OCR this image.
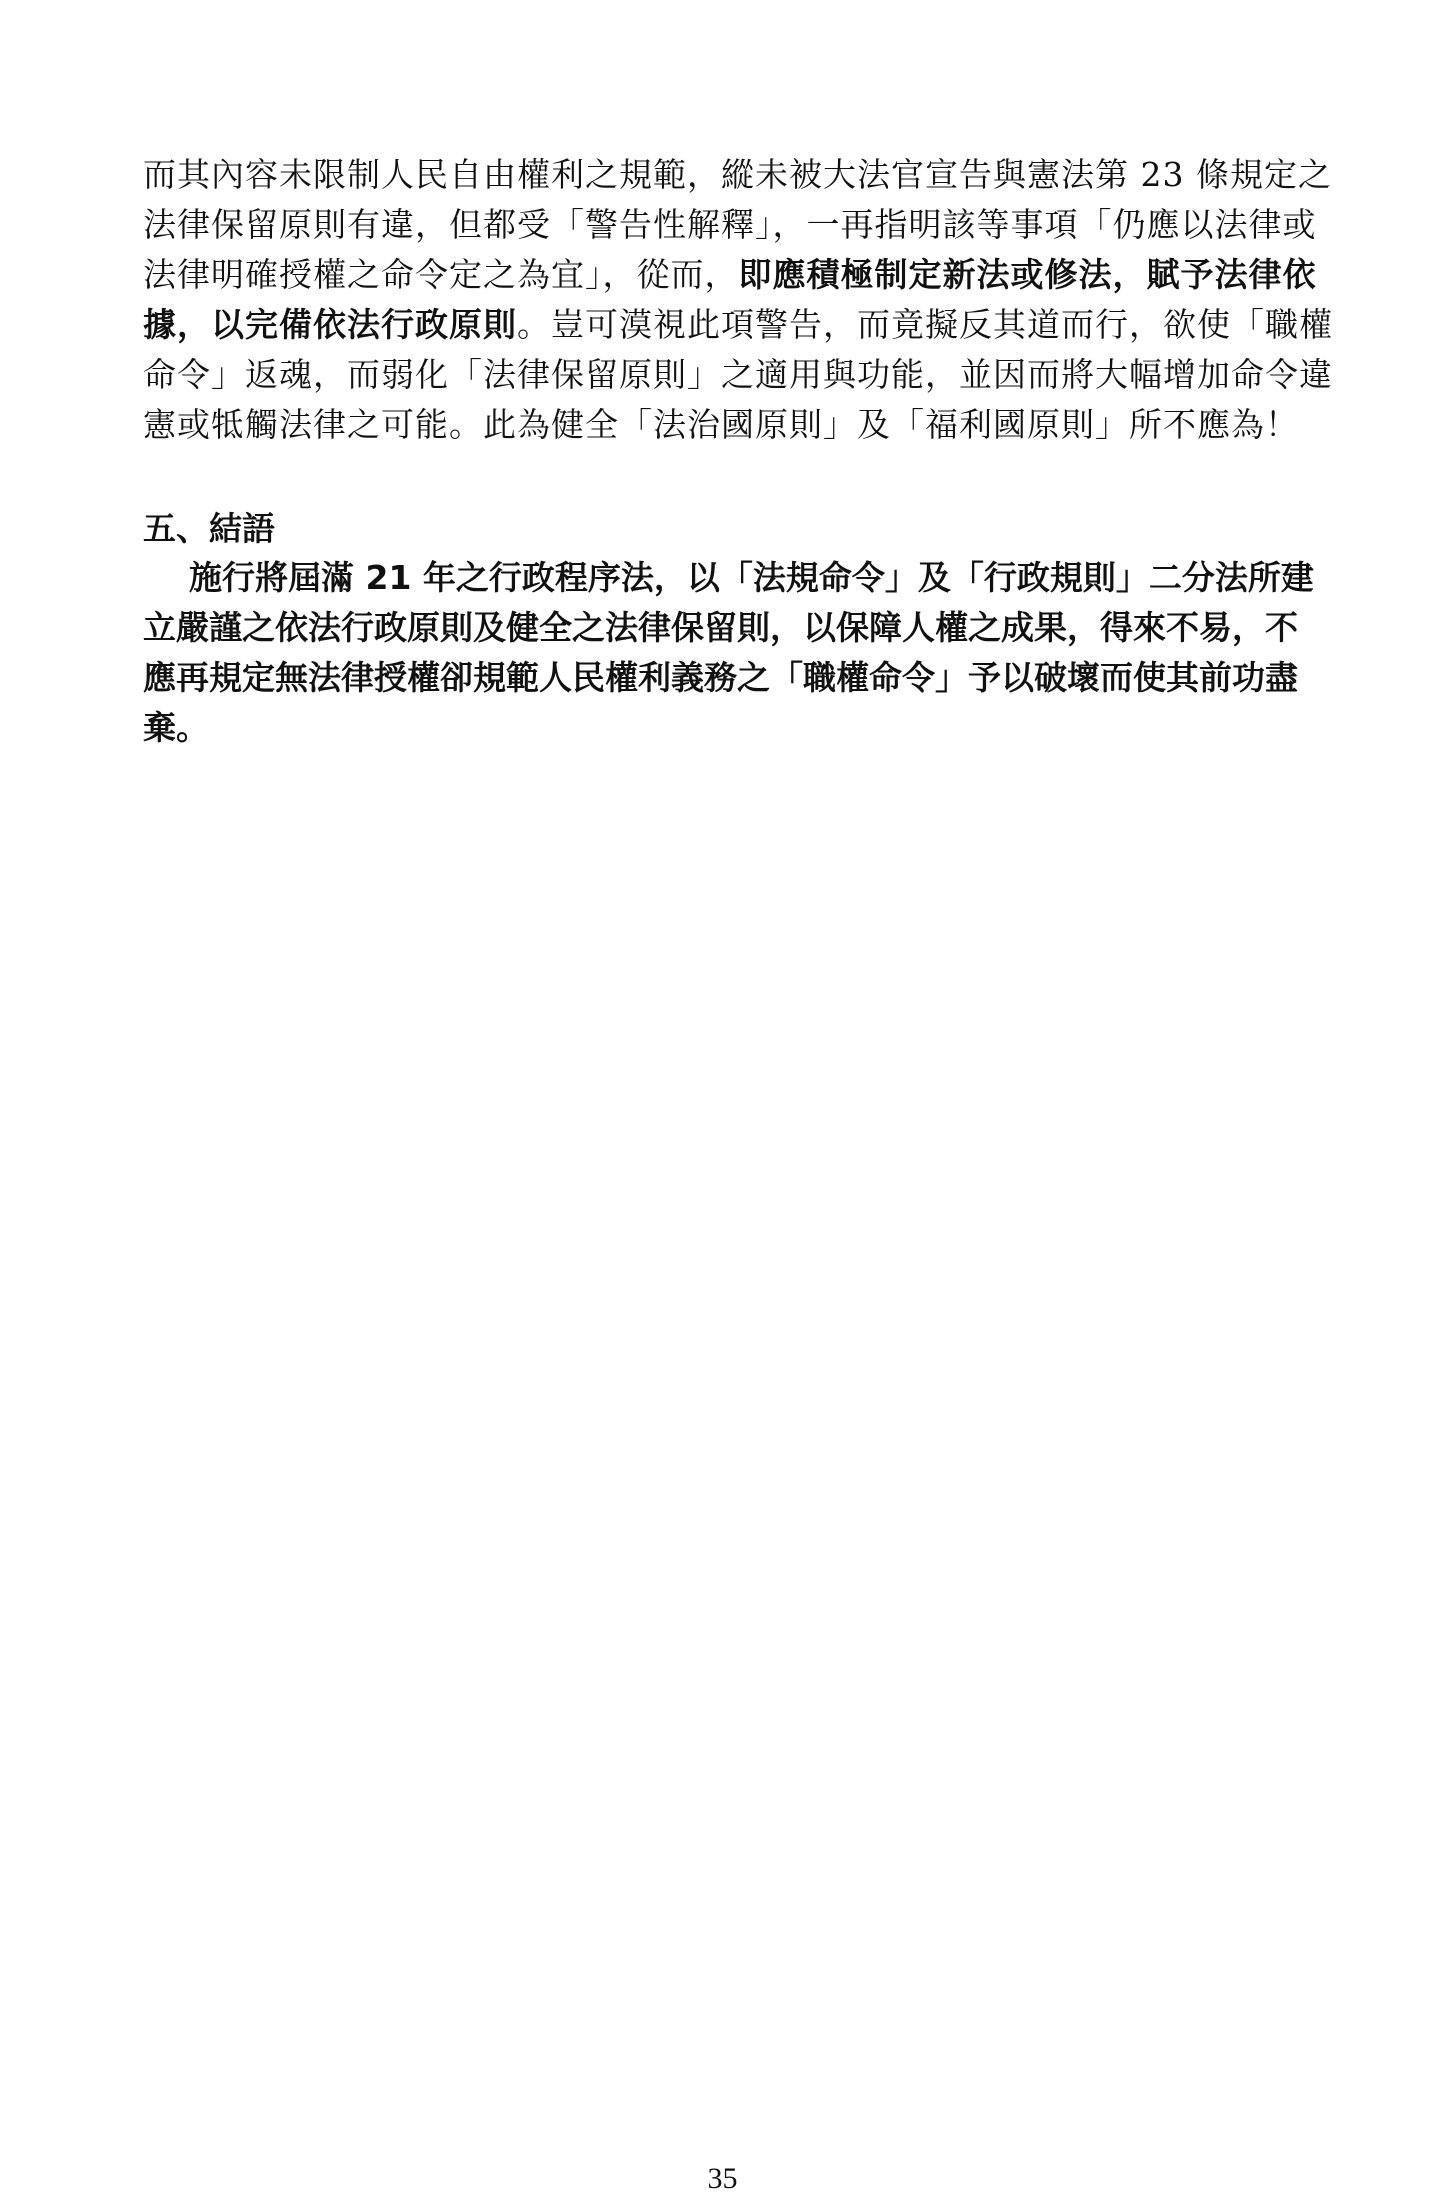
而其內容未限制人民自由權利之規範，縱未被大法官宣告與憲法第 23 條規定之
法律保留原則有違，但都受「警告性解釋」，一再指明該等事項「仍應以法律或
法律明確授權之命令定之為宜」，從而，即應積極制定新法或修法，賦予法律依
據，以完備依法行政原則。豈可漠視此項警告，而竟擬反其道而行，欲使「職權
命令」返魂，而弱化「法律保留原則」之適用與功能，並因而將大幅增加命令違
憲或牴觸法律之可能。此為健全「法治國原則」及「福利國原則」所不應為！
五、結語
施行將屆滿 21 年之行政程序法，以「法規命令」及「行政規則」二分法所建
立嚴謹之依法行政原則及健全之法律保留則，以保障人權之成果，得來不易，不
應再規定無法律授權卻規範人民權利義務之「職權命令」予以破壞而使其前功盡
棄。
35
